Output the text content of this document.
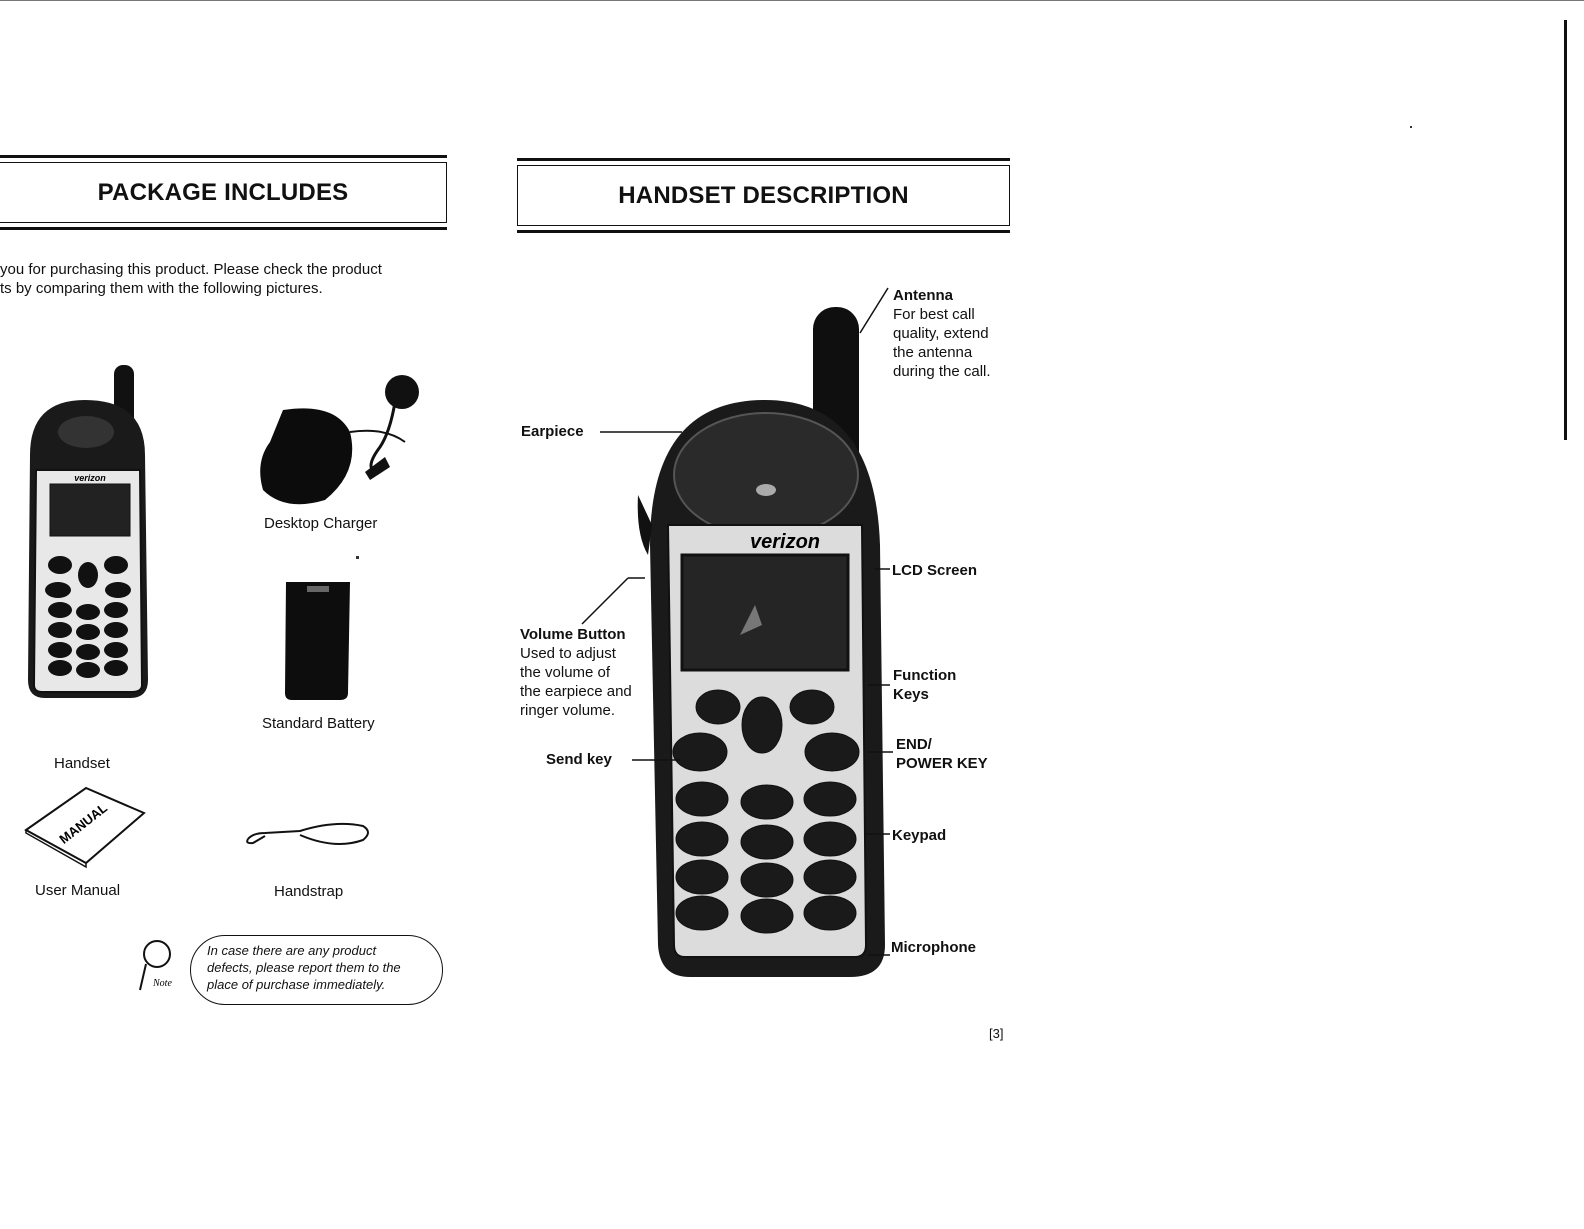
PACKAGE INCLUDES	HANDSET DESCRIPTION
you for purchasing this product. Please check the product
ts by comparing them with the following pictures.
verizon
Handset
Desktop Charger
Standard Battery
MANUAL
User Manual	Handstrap
Note
In case there are any product
defects, please report them to the
place of purchase immediately.
verizon
Antenna
For best call
quality, extend
the antenna
during the call.
Earpiece
LCD Screen
Volume Button
Used to adjust
the volume of
the earpiece and
ringer volume.
Function
Keys
Send key
END/
POWER KEY
Keypad
Microphone
[3]
